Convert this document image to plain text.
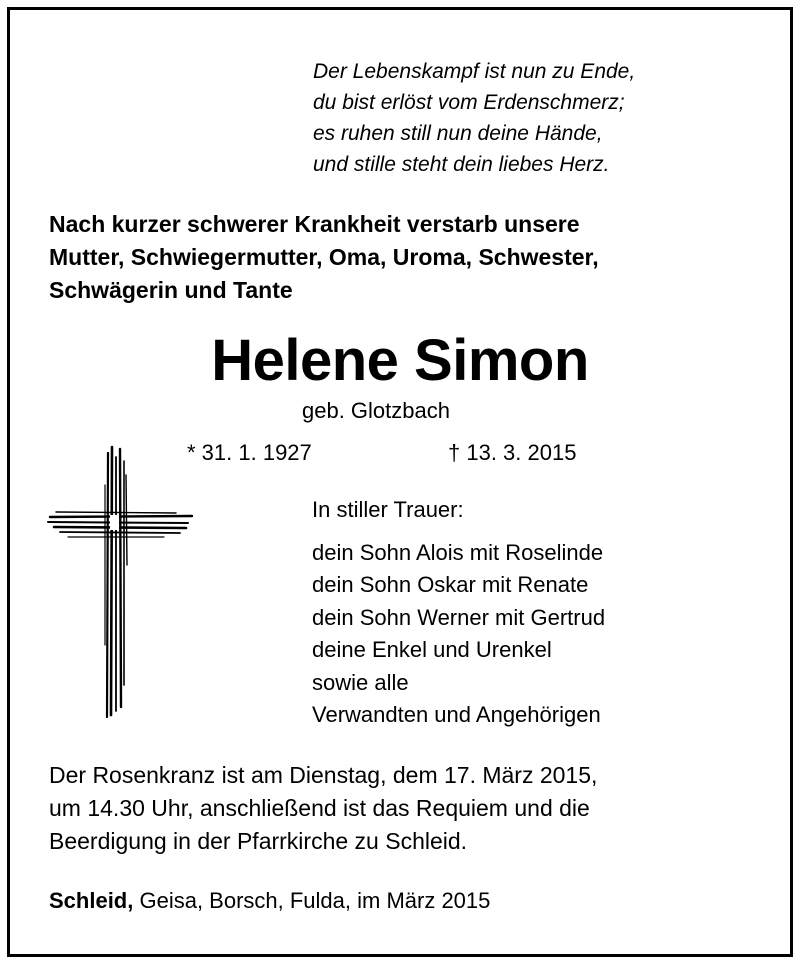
Der Lebenskampf ist nun zu Ende,
du bist erlöst vom Erdenschmerz;
es ruhen still nun deine Hände,
und stille steht dein liebes Herz.
Nach kurzer schwerer Krankheit verstarb unsere
Mutter, Schwiegermutter, Oma, Uroma, Schwester,
Schwägerin und Tante
Helene Simon
geb. Glotzbach
* 31. 1. 1927	† 13. 3. 2015
In stiller Trauer:
dein Sohn Alois mit Roselinde
dein Sohn Oskar mit Renate
dein Sohn Werner mit Gertrud
deine Enkel und Urenkel
sowie alle
Verwandten und Angehörigen
Der Rosenkranz ist am Dienstag, dem 17. März 2015,
um 14.30 Uhr, anschließend ist das Requiem und die
Beerdigung in der Pfarrkirche zu Schleid.
Schleid, Geisa, Borsch, Fulda, im März 2015
